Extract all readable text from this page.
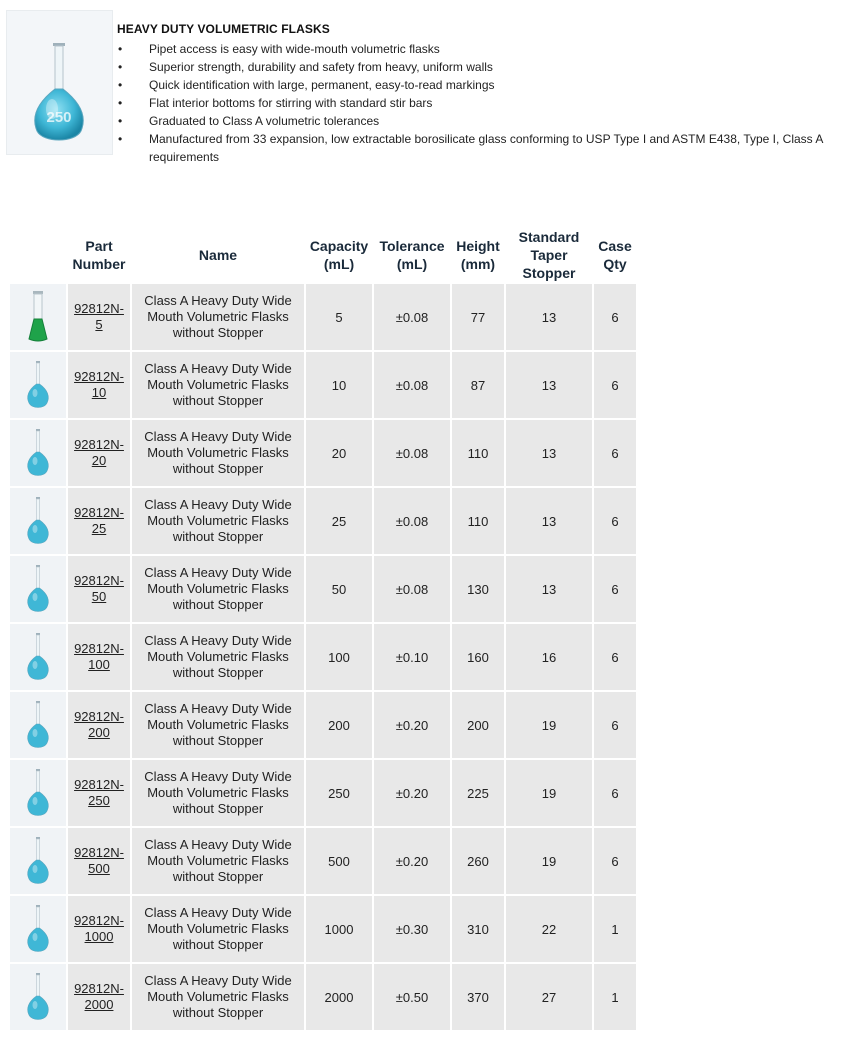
250
HEAVY DUTY VOLUMETRIC FLASKS
• Pipet access is easy with wide-mouth volumetric flasks
• Superior strength, durability and safety from heavy, uniform walls
• Quick identification with large, permanent, easy-to-read markings
• Flat interior bottoms for stirring with standard stir bars
• Graduated to Class A volumetric tolerances
• Manufactured from 33 expansion, low extractable borosilicate glass conforming to USP Type I and ASTM E438, Type I, Class A requirements
	Part Number	Name	Capacity (mL)	Tolerance (mL)	Height (mm)	Standard Taper Stopper	Case Qty

	92812N-5	Class A Heavy Duty Wide Mouth Volumetric Flasks without Stopper	5	±0.08	77	13	6

	92812N-10	Class A Heavy Duty Wide Mouth Volumetric Flasks without Stopper	10	±0.08	87	13	6

	92812N-20	Class A Heavy Duty Wide Mouth Volumetric Flasks without Stopper	20	±0.08	110	13	6

	92812N-25	Class A Heavy Duty Wide Mouth Volumetric Flasks without Stopper	25	±0.08	110	13	6

	92812N-50	Class A Heavy Duty Wide Mouth Volumetric Flasks without Stopper	50	±0.08	130	13	6

	92812N-100	Class A Heavy Duty Wide Mouth Volumetric Flasks without Stopper	100	±0.10	160	16	6

	92812N-200	Class A Heavy Duty Wide Mouth Volumetric Flasks without Stopper	200	±0.20	200	19	6

	92812N-250	Class A Heavy Duty Wide Mouth Volumetric Flasks without Stopper	250	±0.20	225	19	6

	92812N-500	Class A Heavy Duty Wide Mouth Volumetric Flasks without Stopper	500	±0.20	260	19	6

	92812N-1000	Class A Heavy Duty Wide Mouth Volumetric Flasks without Stopper	1000	±0.30	310	22	1

	92812N-2000	Class A Heavy Duty Wide Mouth Volumetric Flasks without Stopper	2000	±0.50	370	27	1
